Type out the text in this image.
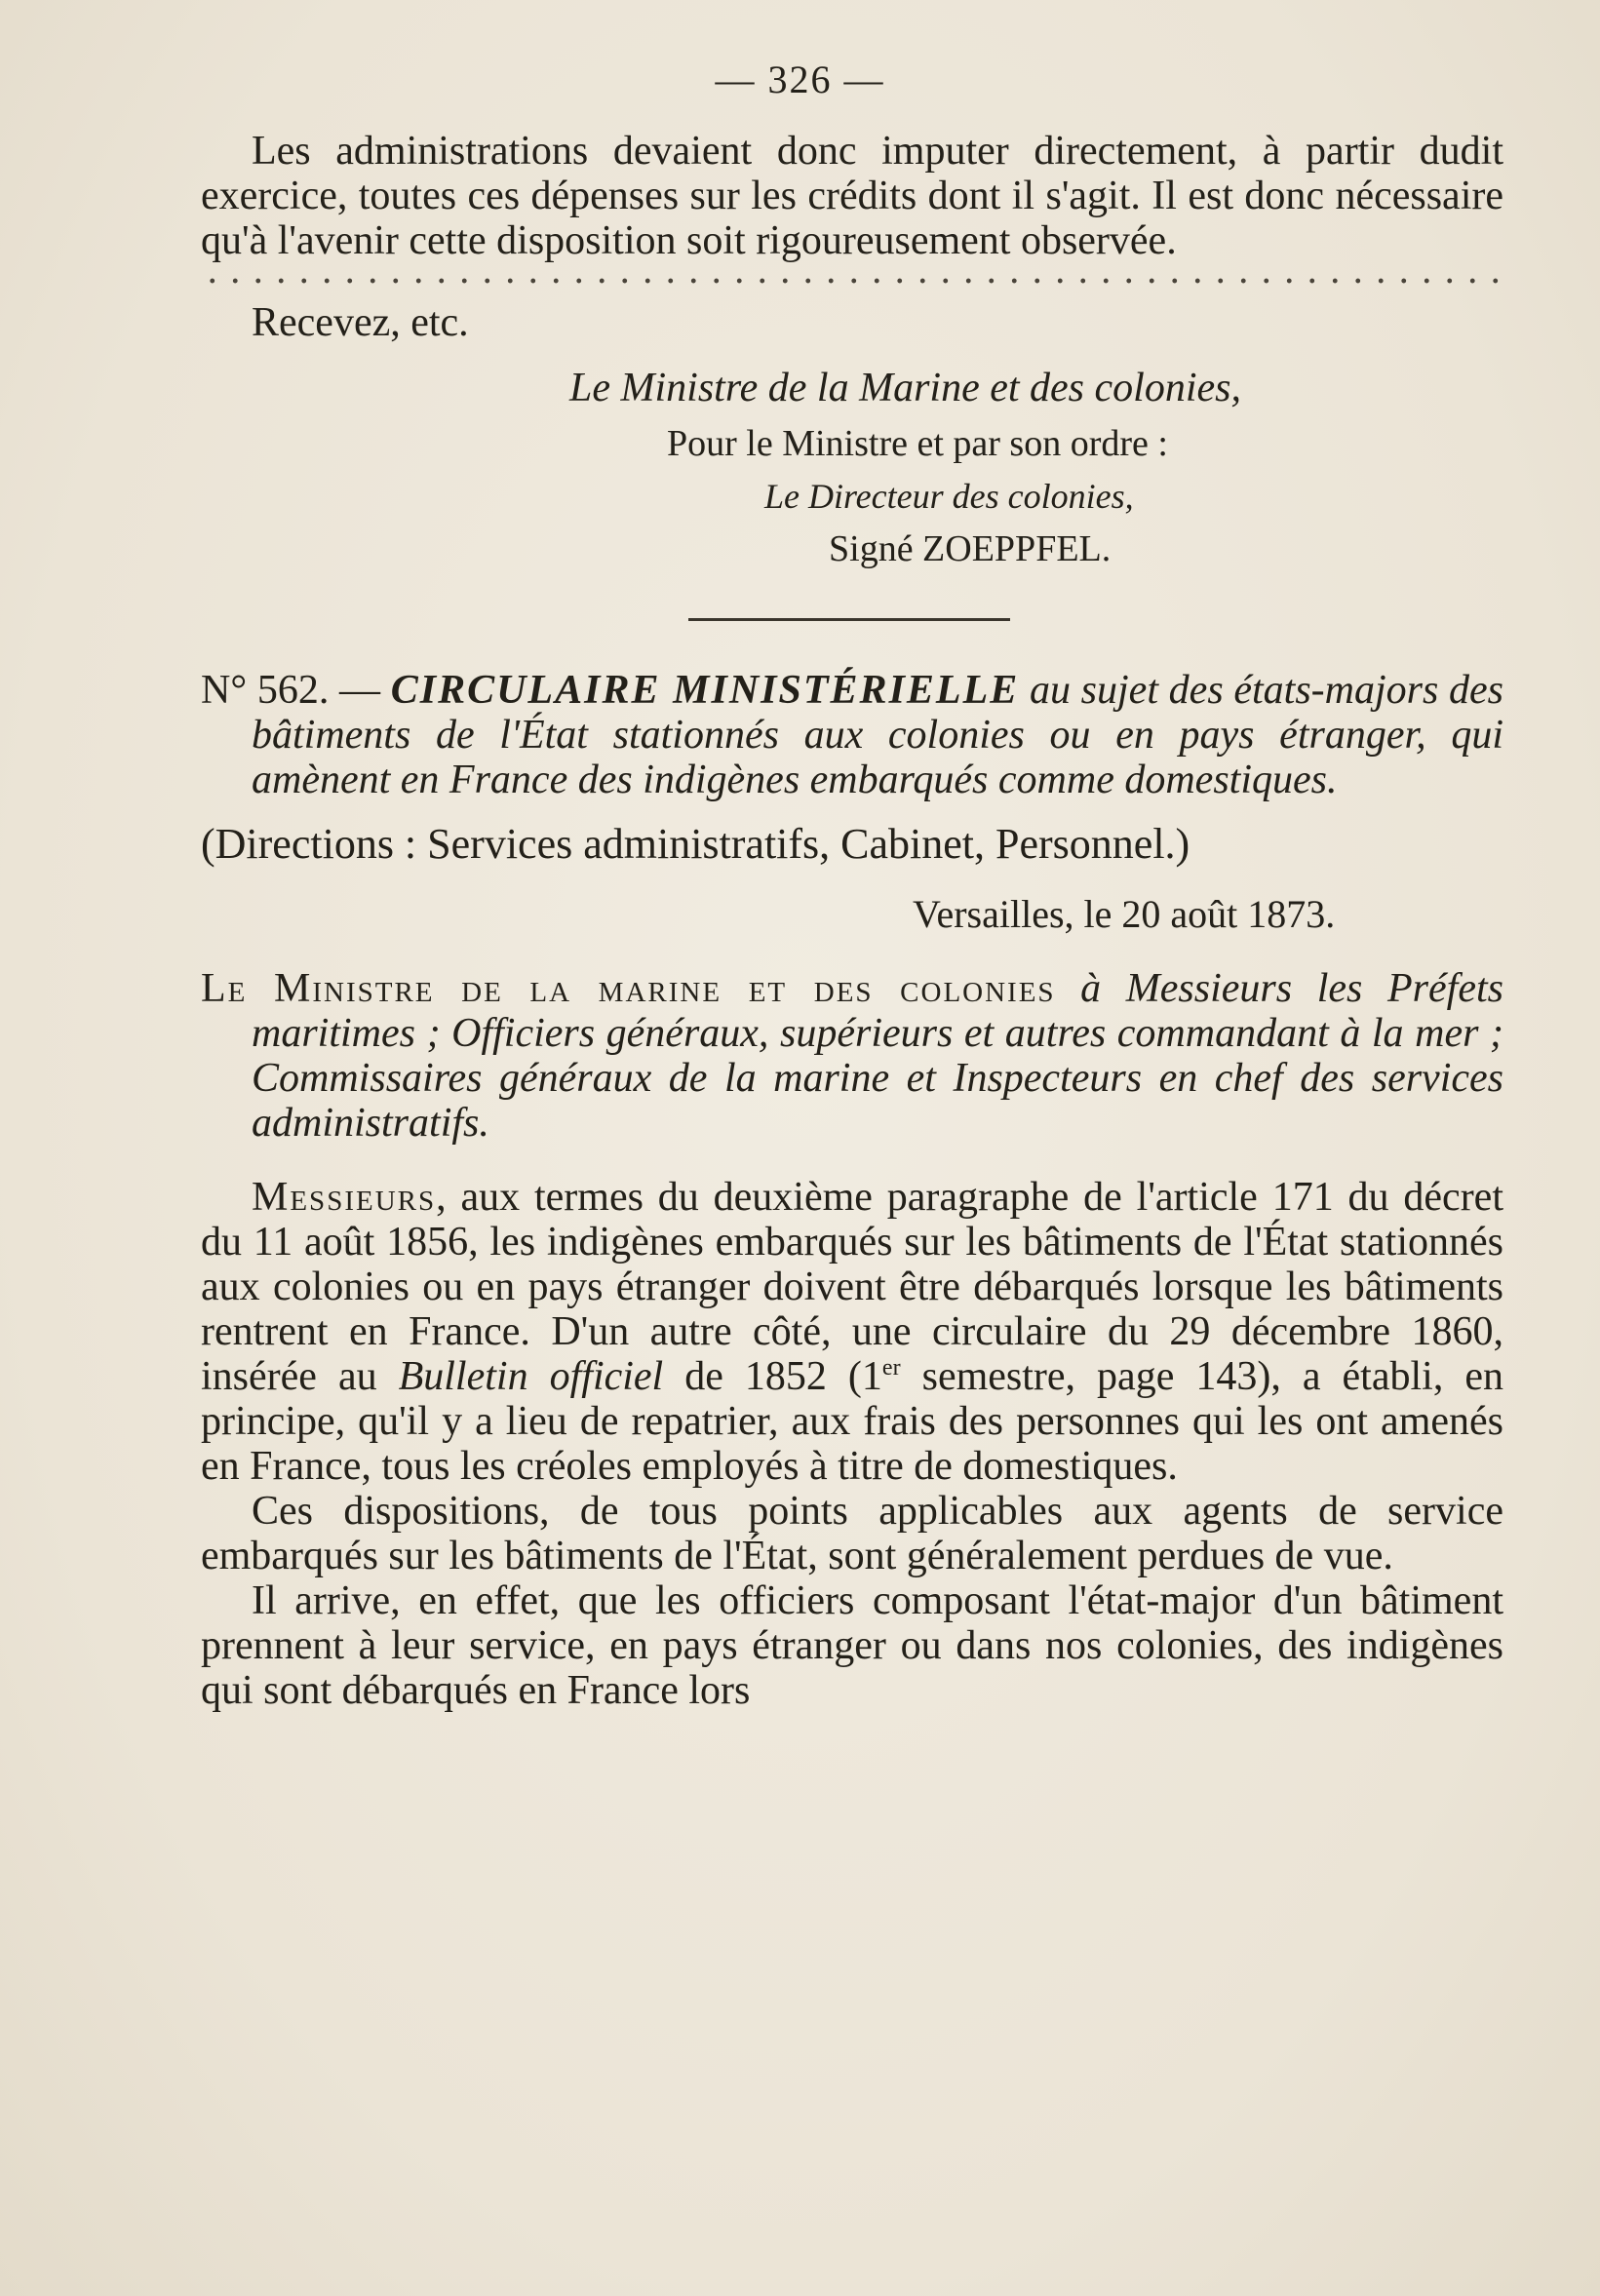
— 326 —

Les administrations devaient donc imputer directement, à partir dudit exercice, toutes ces dépenses sur les crédits dont il s'agit. Il est donc nécessaire qu'à l'avenir cette disposition soit rigoureusement observée.

Recevez, etc.

Le Ministre de la Marine et des colonies,

Pour le Ministre et par son ordre :

Le Directeur des colonies,

Signé ZOEPPFEL.

N° 562. — CIRCULAIRE MINISTÉRIELLE au sujet des états-majors des bâtiments de l'État stationnés aux colonies ou en pays étranger, qui amènent en France des indigènes embarqués comme domestiques.

(Directions : Services administratifs, Cabinet, Personnel.)

Versailles, le 20 août 1873.

Le Ministre de la marine et des colonies à Messieurs les Préfets maritimes ; Officiers généraux, supérieurs et autres commandant à la mer ; Commissaires généraux de la marine et Inspecteurs en chef des services administratifs.

Messieurs, aux termes du deuxième paragraphe de l'article 171 du décret du 11 août 1856, les indigènes embarqués sur les bâtiments de l'État stationnés aux colonies ou en pays étranger doivent être débarqués lorsque les bâtiments rentrent en France. D'un autre côté, une circulaire du 29 décembre 1860, insérée au Bulletin officiel de 1852 (1er semestre, page 143), a établi, en principe, qu'il y a lieu de repatrier, aux frais des personnes qui les ont amenés en France, tous les créoles employés à titre de domestiques.

Ces dispositions, de tous points applicables aux agents de service embarqués sur les bâtiments de l'État, sont généralement perdues de vue.

Il arrive, en effet, que les officiers composant l'état-major d'un bâtiment prennent à leur service, en pays étranger ou dans nos colonies, des indigènes qui sont débarqués en France lors
